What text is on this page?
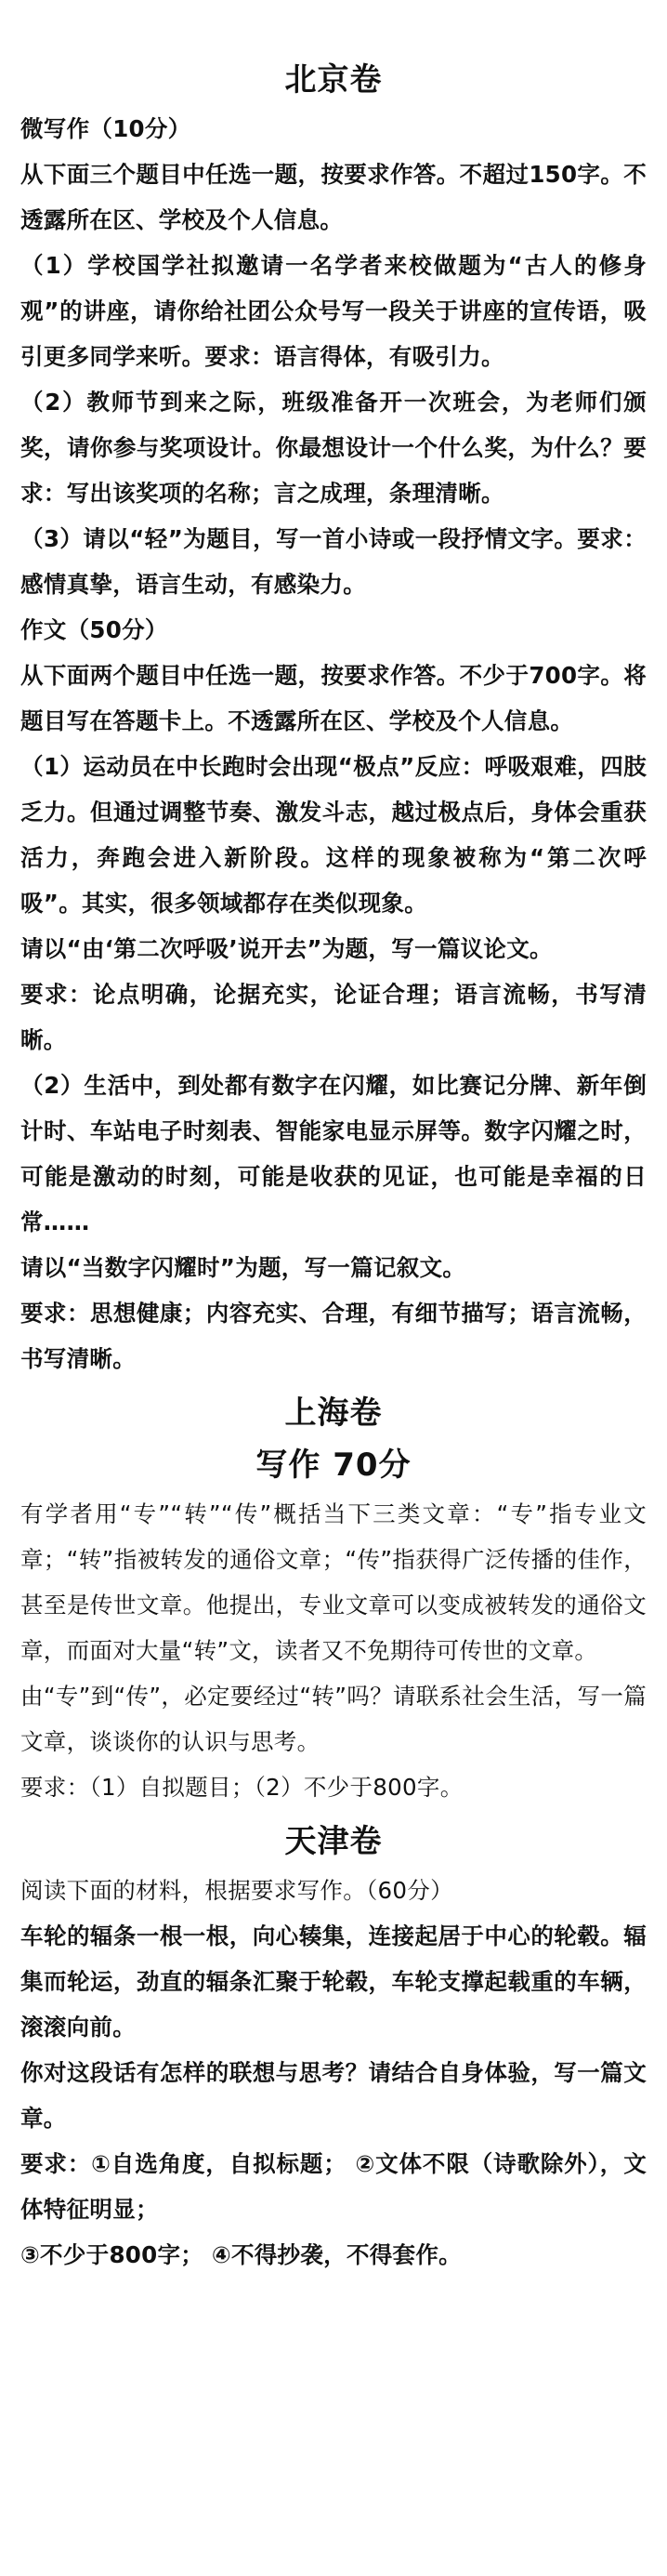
北京卷
微写作（10分）
从下面三个题目中任选一题，按要求作答。不超过150字。不透露所在区、学校及个人信息。
（1）学校国学社拟邀请一名学者来校做题为“古人的修身观”的讲座，请你给社团公众号写一段关于讲座的宣传语，吸引更多同学来听。要求：语言得体，有吸引力。
（2）教师节到来之际，班级准备开一次班会，为老师们颁奖，请你参与奖项设计。你最想设计一个什么奖，为什么？要求：写出该奖项的名称；言之成理，条理清晰。
（3）请以“轻”为题目，写一首小诗或一段抒情文字。要求：感情真挚，语言生动，有感染力。
作文（50分）
从下面两个题目中任选一题，按要求作答。不少于700字。将题目写在答题卡上。不透露所在区、学校及个人信息。
（1）运动员在中长跑时会出现“极点”反应：呼吸艰难，四肢乏力。但通过调整节奏、激发斗志，越过极点后，身体会重获活力，奔跑会进入新阶段。这样的现象被称为“第二次呼吸”。其实，很多领域都存在类似现象。
请以“由‘第二次呼吸’说开去”为题，写一篇议论文。
要求：论点明确，论据充实，论证合理；语言流畅，书写清晰。
（2）生活中，到处都有数字在闪耀，如比赛记分牌、新年倒计时、车站电子时刻表、智能家电显示屏等。数字闪耀之时，可能是激动的时刻，可能是收获的见证，也可能是幸福的日常……
请以“当数字闪耀时”为题，写一篇记叙文。
要求：思想健康；内容充实、合理，有细节描写；语言流畅，书写清晰。
上海卷
写作 70分
有学者用“专”“转”“传”概括当下三类文章：“专”指专业文章；“转”指被转发的通俗文章；“传”指获得广泛传播的佳作，甚至是传世文章。他提出，专业文章可以变成被转发的通俗文章，而面对大量“转”文，读者又不免期待可传世的文章。
由“专”到“传”，必定要经过“转”吗？请联系社会生活，写一篇文章，谈谈你的认识与思考。
要求：（1）自拟题目；（2）不少于800字。
天津卷
阅读下面的材料，根据要求写作。（60分）
车轮的辐条一根一根，向心辏集，连接起居于中心的轮毂。辐集而轮运，劲直的辐条汇聚于轮毂，车轮支撑起载重的车辆，滚滚向前。
你对这段话有怎样的联想与思考？请结合自身体验，写一篇文章。
要求：①自选角度，自拟标题； ②文体不限（诗歌除外），文体特征明显；
③不少于800字； ④不得抄袭，不得套作。
